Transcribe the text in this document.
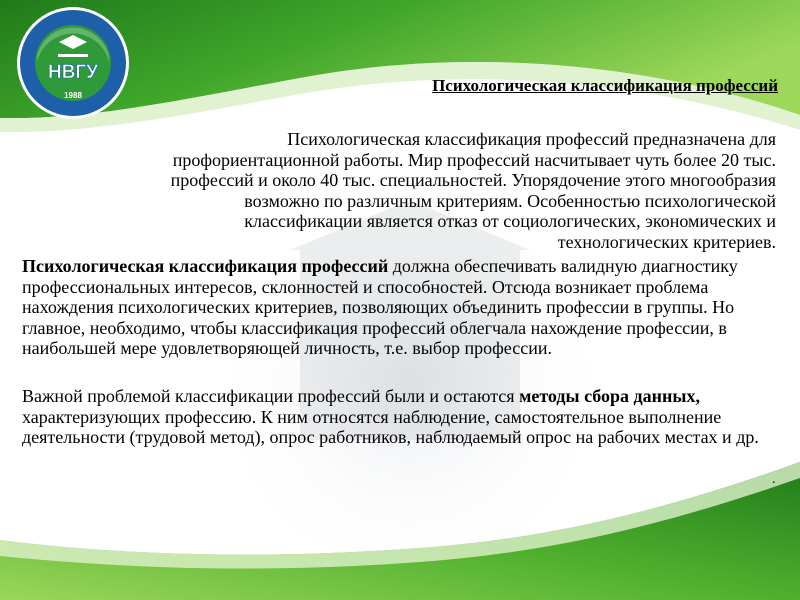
НВГУ
1988
Психологическая классификация профессий

Психологическая классификация профессий предназначена для

профориентационной работы. Мир профессий насчитывает чуть более 20 тыс.

профессий и около 40 тыс. специальностей. Упорядочение этого многообразия

возможно по различным критериям. Особенностью психологической

классификации является отказ от социологических, экономических и

технологических критериев.

Психологическая классификация профессий должна обеспечивать валидную диагностику профессиональных интересов, склонностей и способностей. Отсюда возникает проблема нахождения психологических критериев, позволяющих объединить профессии в группы. Но главное, необходимо, чтобы классификация профессий облегчала нахождение профессии, в наибольшей мере удовлетворяющей личность, т.е. выбор профессии.

Важной проблемой классификации профессий были и остаются методы сбора данных, характеризующих профессию. К ним относятся наблюдение, самостоятельное выполнение деятельности (трудовой метод), опрос работников, наблюдаемый опрос на рабочих местах и др.

.
